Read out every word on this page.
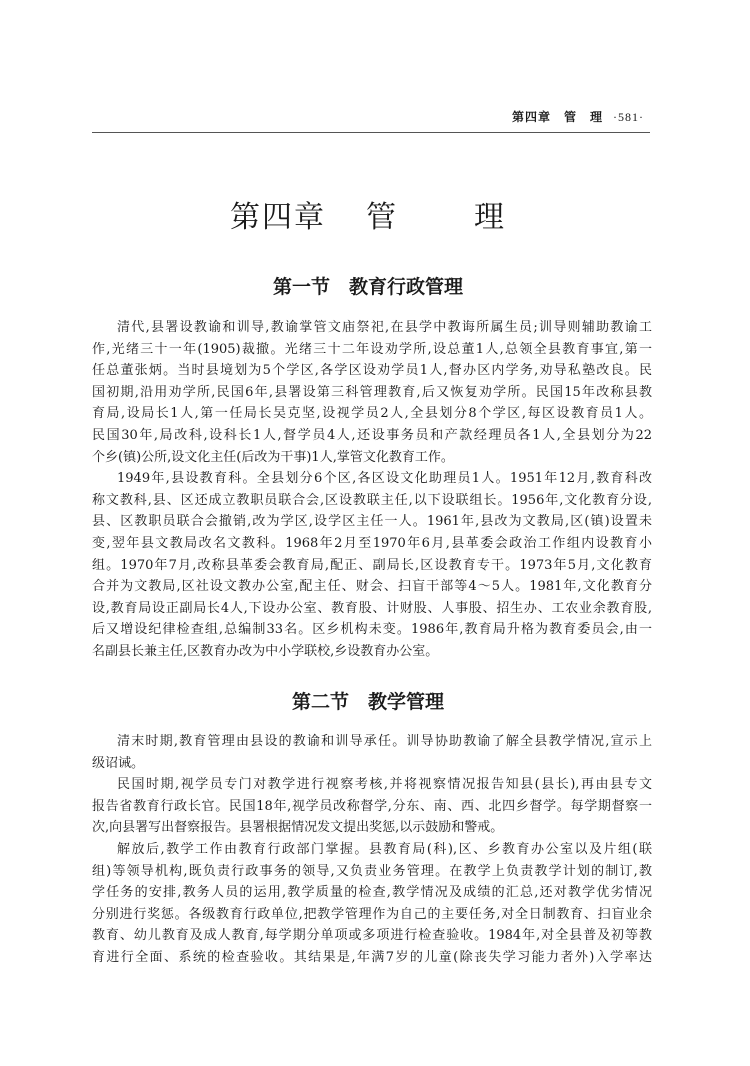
第四章　管　理 ·581·
第四章 管	理
第一节　教育行政管理
清代,县署设教谕和训导,教谕掌管文庙祭祀,在县学中教诲所属生员;训导则辅助教谕工
作,光绪三十一年(1905)裁撤。光绪三十二年设劝学所,设总董1人,总领全县教育事宜,第一
任总董张炳。当时县境划为5个学区,各学区设劝学员1人,督办区内学务,劝导私塾改良。民
国初期,沿用劝学所,民国6年,县署设第三科管理教育,后又恢复劝学所。民国15年改称县教
育局,设局长1人,第一任局长吴克坚,设视学员2人,全县划分8个学区,每区设教育员1人。
民国30年,局改科,设科长1人,督学员4人,还设事务员和产款经理员各1人,全县划分为22
个乡(镇)公所,设文化主任(后改为干事)1人,掌管文化教育工作。
1949年,县设教育科。全县划分6个区,各区设文化助理员1人。1951年12月,教育科改
称文教科,县、区还成立教职员联合会,区设教联主任,以下设联组长。1956年,文化教育分设,
县、区教职员联合会撤销,改为学区,设学区主任一人。1961年,县改为文教局,区(镇)设置未
变,翌年县文教局改名文教科。1968年2月至1970年6月,县革委会政治工作组内设教育小
组。1970年7月,改称县革委会教育局,配正、副局长,区设教育专干。1973年5月,文化教育
合并为文教局,区社设文教办公室,配主任、财会、扫盲干部等4～5人。1981年,文化教育分
设,教育局设正副局长4人,下设办公室、教育股、计财股、人事股、招生办、工农业余教育股,
后又增设纪律检查组,总编制33名。区乡机构未变。1986年,教育局升格为教育委员会,由一
名副县长兼主任,区教育办改为中小学联校,乡设教育办公室。
第二节　教学管理
清末时期,教育管理由县设的教谕和训导承任。训导协助教谕了解全县教学情况,宣示上
级诏诫。
民国时期,视学员专门对教学进行视察考核,并将视察情况报告知县(县长),再由县专文
报告省教育行政长官。民国18年,视学员改称督学,分东、南、西、北四乡督学。每学期督察一
次,向县署写出督察报告。县署根据情况发文提出奖惩,以示鼓励和警戒。
解放后,教学工作由教育行政部门掌握。县教育局(科),区、乡教育办公室以及片组(联
组)等领导机构,既负责行政事务的领导,又负责业务管理。在教学上负责教学计划的制订,教
学任务的安排,教务人员的运用,教学质量的检查,教学情况及成绩的汇总,还对教学优劣情况
分别进行奖惩。各级教育行政单位,把教学管理作为自己的主要任务,对全日制教育、扫盲业余
教育、幼儿教育及成人教育,每学期分单项或多项进行检查验收。1984年,对全县普及初等教
育进行全面、系统的检查验收。其结果是,年满7岁的儿童(除丧失学习能力者外)入学率达
